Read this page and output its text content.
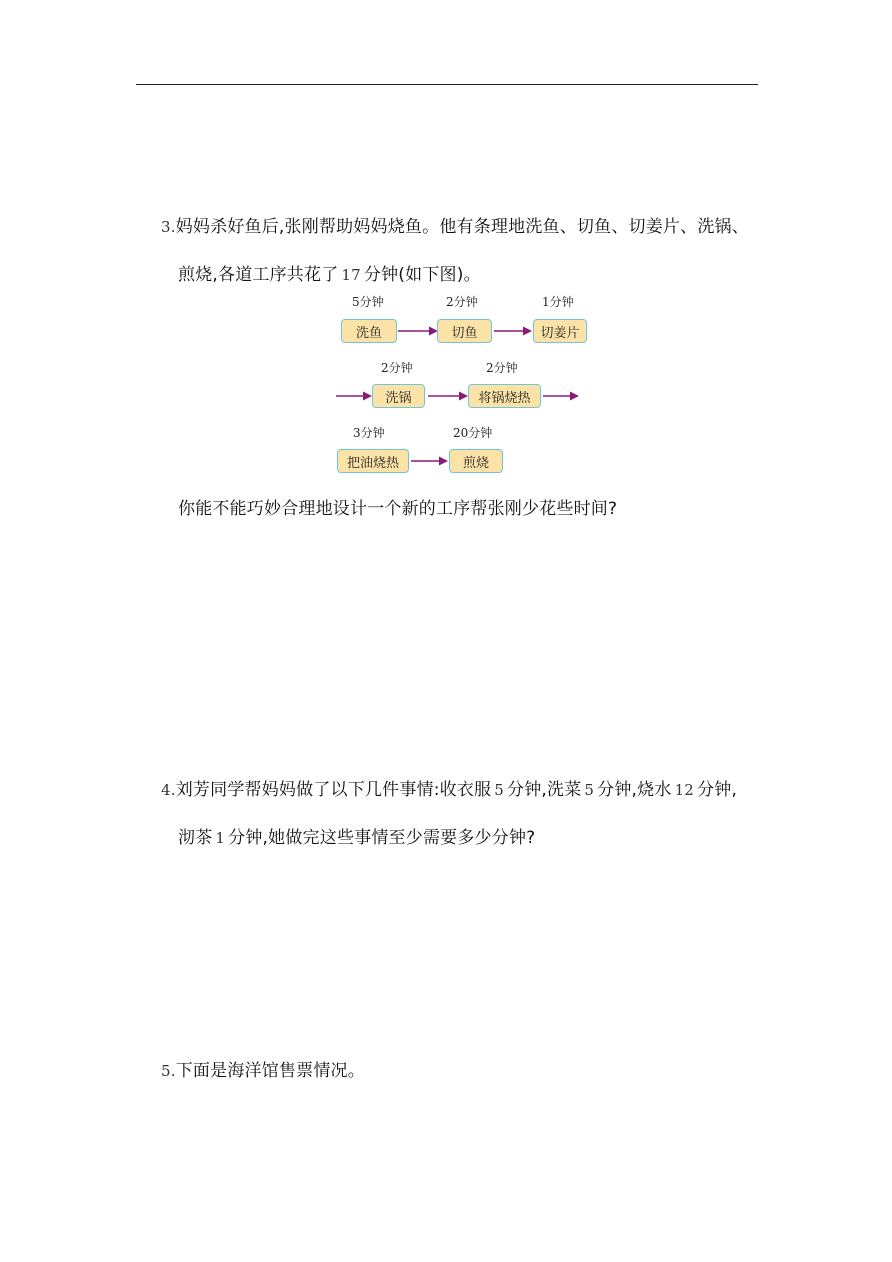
3.妈妈杀好鱼后,张刚帮助妈妈烧鱼。他有条理地洗鱼、切鱼、切姜片、洗锅、
煎烧,各道工序共花了 17 分钟(如下图)。
5分钟	2分钟	1分钟
洗鱼	切鱼	切姜片
2分钟	2分钟
洗锅	将锅烧热
3分钟	20分钟
把油烧热	煎烧
你能不能巧妙合理地设计一个新的工序帮张刚少花些时间?
4.刘芳同学帮妈妈做了以下几件事情:收衣服 5 分钟,洗菜 5 分钟,烧水 12 分钟,
沏茶 1 分钟,她做完这些事情至少需要多少分钟?
5.下面是海洋馆售票情况。
